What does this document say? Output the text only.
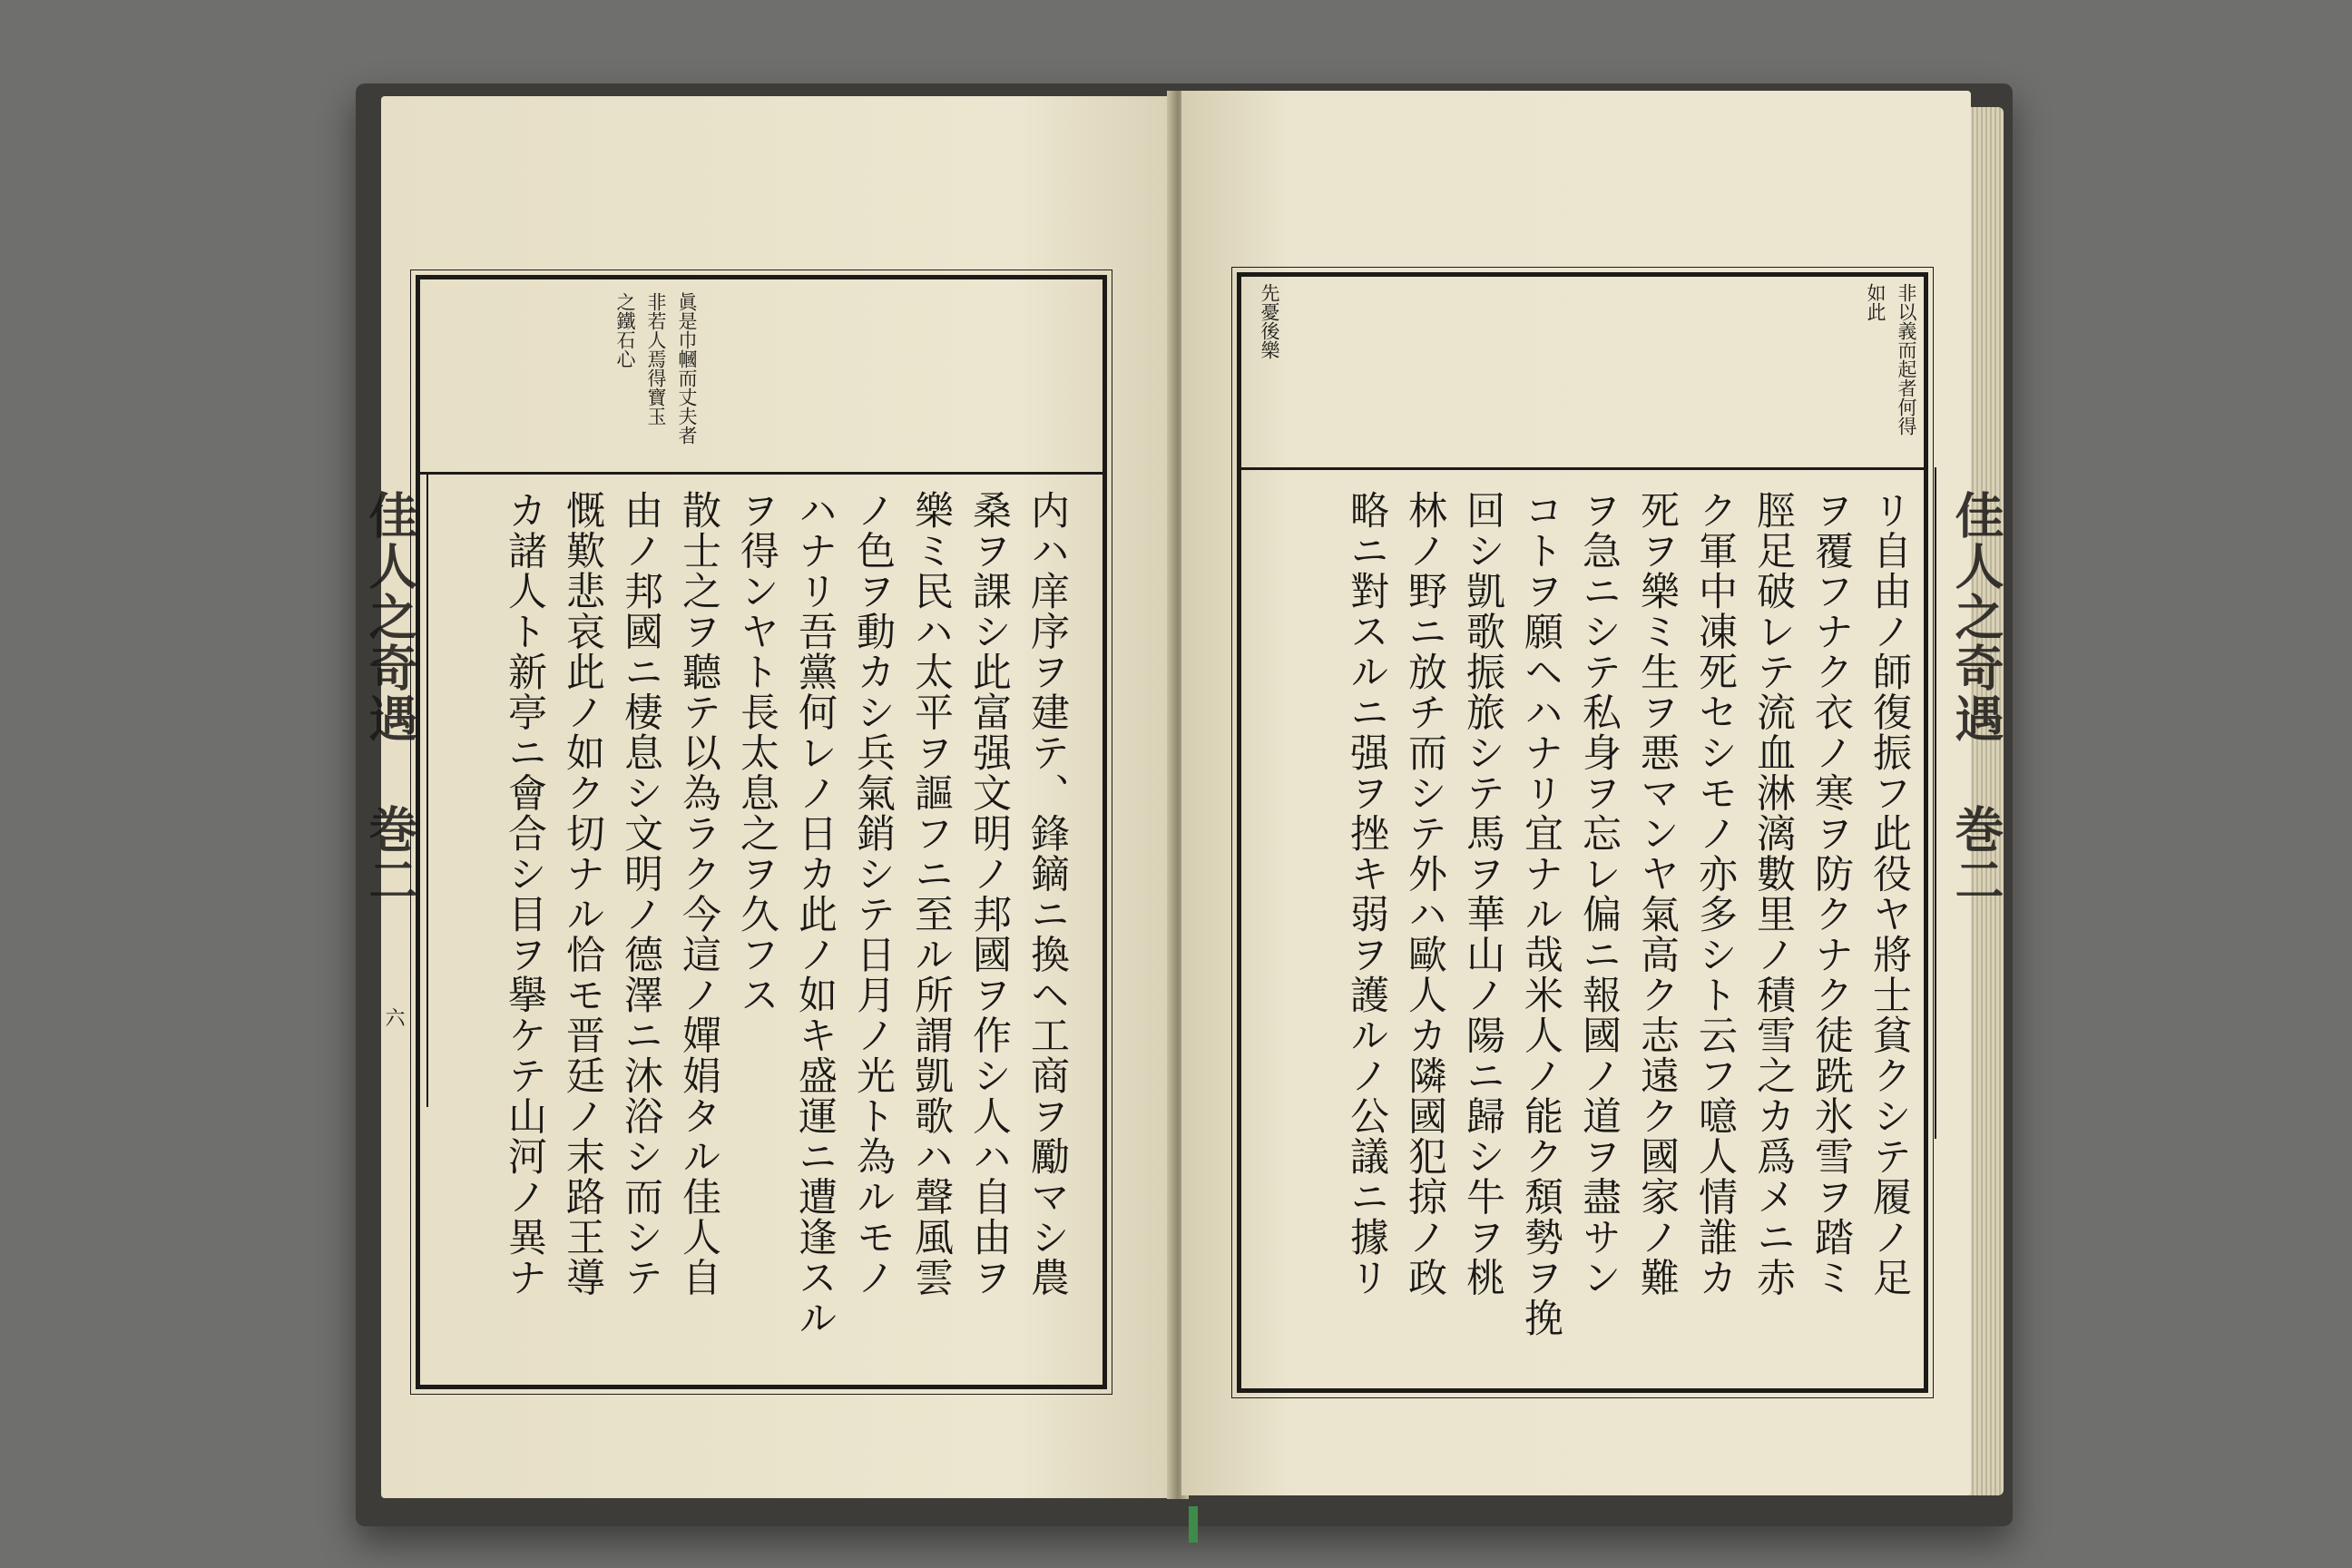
眞是巾幗而丈夫者
非若人焉得寶玉
之鐵石心
佳人之奇遇 巻二
六	内ハ庠序ヲ建テ、鋒鏑ニ換ヘ工商ヲ勵マシ農
桑ヲ課シ此富强文明ノ邦國ヲ作シ人ハ自由ヲ
樂ミ民ハ太平ヲ謳フニ至ル所謂凱歌ハ聲風雲
ノ色ヲ動カシ兵氣銷シテ日月ノ光ト為ルモノ
ハナリ吾黨何レノ日カ此ノ如キ盛運ニ遭逢スル
ヲ得ンヤト長太息之ヲ久フス
散士之ヲ聽テ以為ラク今這ノ嬋娟タル佳人自
由ノ邦國ニ棲息シ文明ノ德澤ニ沐浴シ而シテ
慨歎悲哀此ノ如ク切ナル恰モ晋廷ノ末路王導
カ諸人ト新亭ニ會合シ目ヲ擧ケテ山河ノ異ナ
非以義而起者何得
如此
先憂後樂
佳人之奇遇 巻二
リ自由ノ師復振フ此役ヤ將士貧クシテ履ノ足
ヲ覆フナク衣ノ寒ヲ防クナク徒跣氷雪ヲ踏ミ
脛足破レテ流血淋漓數里ノ積雪之カ爲メニ赤
ク軍中凍死セシモノ亦多シト云フ噫人情誰カ
死ヲ樂ミ生ヲ悪マンヤ氣高ク志遠ク國家ノ難
ヲ急ニシテ私身ヲ忘レ偏ニ報國ノ道ヲ盡サン
コトヲ願ヘハナリ宜ナル哉米人ノ能ク頽勢ヲ挽
回シ凱歌振旅シテ馬ヲ華山ノ陽ニ歸シ牛ヲ桃
林ノ野ニ放チ而シテ外ハ歐人カ隣國犯掠ノ政
略ニ對スルニ强ヲ挫キ弱ヲ護ルノ公議ニ據リ
